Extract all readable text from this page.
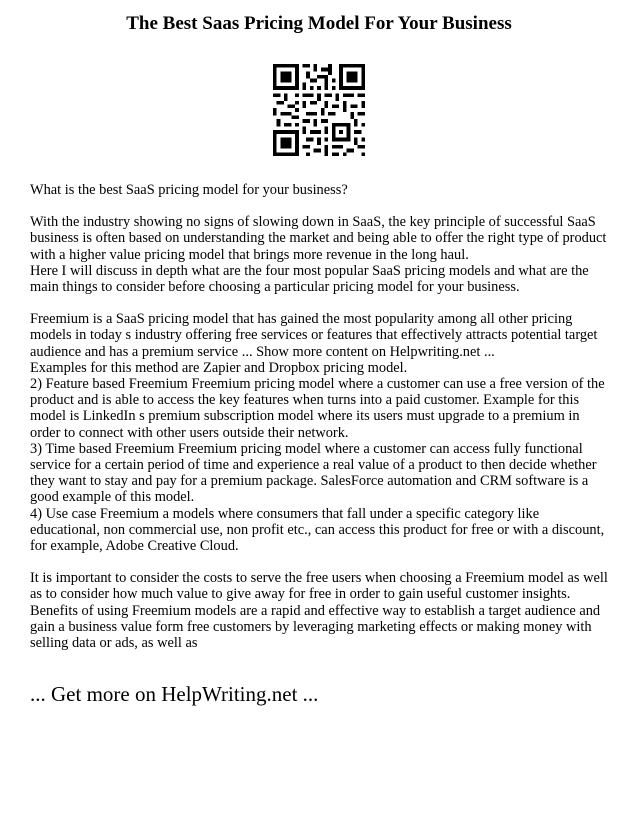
The Best Saas Pricing Model For Your Business

What is the best SaaS pricing model for your business?

With the industry showing no signs of slowing down in SaaS, the key principle of successful SaaS business is often based on understanding the market and being able to offer the right type of product with a higher value pricing model that brings more revenue in the long haul.

Here I will discuss in depth what are the four most popular SaaS pricing models and what are the main things to consider before choosing a particular pricing model for your business.

Freemium is a SaaS pricing model that has gained the most popularity among all other pricing models in today s industry offering free services or features that effectively attracts potential target audience and has a premium service ... Show more content on Helpwriting.net ...

Examples for this method are Zapier and Dropbox pricing model.

2) Feature based Freemium Freemium pricing model where a customer can use a free version of the product and is able to access the key features when turns into a paid customer. Example for this model is LinkedIn s premium subscription model where its users must upgrade to a premium in order to connect with other users outside their network.

3) Time based Freemium Freemium pricing model where a customer can access fully functional service for a certain period of time and experience a real value of a product to then decide whether they want to stay and pay for a premium package. SalesForce automation and CRM software is a good example of this model.

4) Use case Freemium a models where consumers that fall under a specific category like educational, non commercial use, non profit etc., can access this product for free or with a discount, for example, Adobe Creative Cloud.

It is important to consider the costs to serve the free users when choosing a Freemium model as well as to consider how much value to give away for free in order to gain useful customer insights.

Benefits of using Freemium models are a rapid and effective way to establish a target audience and gain a business value form free customers by leveraging marketing effects or making money with selling data or ads, as well as

... Get more on HelpWriting.net ...
